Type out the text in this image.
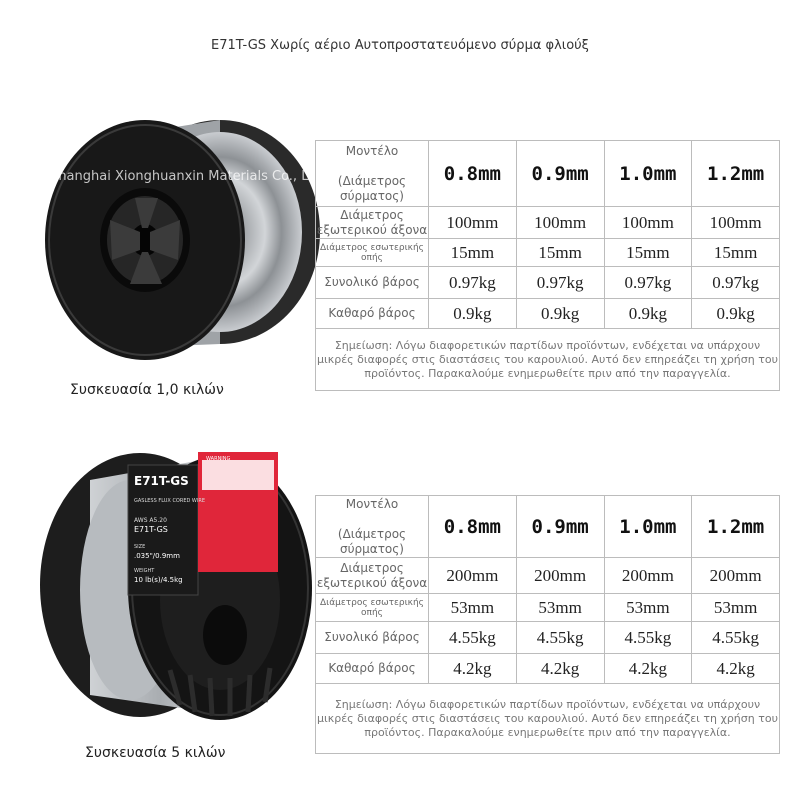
E71T-GS Χωρίς αέριο Αυτοπροστατευόμενο σύρμα φλιούξ
Shanghai Xionghuanxin Materials Co., Ltd.
Συσκευασία 1,0 κιλών
Μοντέλο

(Διάμετρος σύρματος)	0.8mm	0.9mm	1.0mm	1.2mm
Διάμετρος εξωτερικού άξονα	100mm	100mm	100mm	100mm

Διάμετρος εσωτερικής οπής	15mm	15mm	15mm	15mm
Συνολικό βάρος	0.97kg	0.97kg	0.97kg	0.97kg
Καθαρό βάρος	0.9kg	0.9kg	0.9kg	0.9kg
Σημείωση: Λόγω διαφορετικών παρτίδων προϊόντων, ενδέχεται να υπάρχουν μικρές διαφορές στις διαστάσεις του καρουλιού. Αυτό δεν επηρεάζει τη χρήση του προϊόντος. Παρακαλούμε ενημερωθείτε πριν από την παραγγελία.				
E71T-GS
GASLESS FLUX CORED WIRE
AWS A5.20
E71T-GS
SIZE
.035"/0.9mm
WEIGHT
10 lb(s)/4.5kg
WARNING
Συσκευασία 5 κιλών
Μοντέλο

(Διάμετρος σύρματος)	0.8mm	0.9mm	1.0mm	1.2mm
Διάμετρος εξωτερικού άξονα	200mm	200mm	200mm	200mm

Διάμετρος εσωτερικής οπής	53mm	53mm	53mm	53mm
Συνολικό βάρος	4.55kg	4.55kg	4.55kg	4.55kg
Καθαρό βάρος	4.2kg	4.2kg	4.2kg	4.2kg
Σημείωση: Λόγω διαφορετικών παρτίδων προϊόντων, ενδέχεται να υπάρχουν μικρές διαφορές στις διαστάσεις του καρουλιού. Αυτό δεν επηρεάζει τη χρήση του προϊόντος. Παρακαλούμε ενημερωθείτε πριν από την παραγγελία.				
